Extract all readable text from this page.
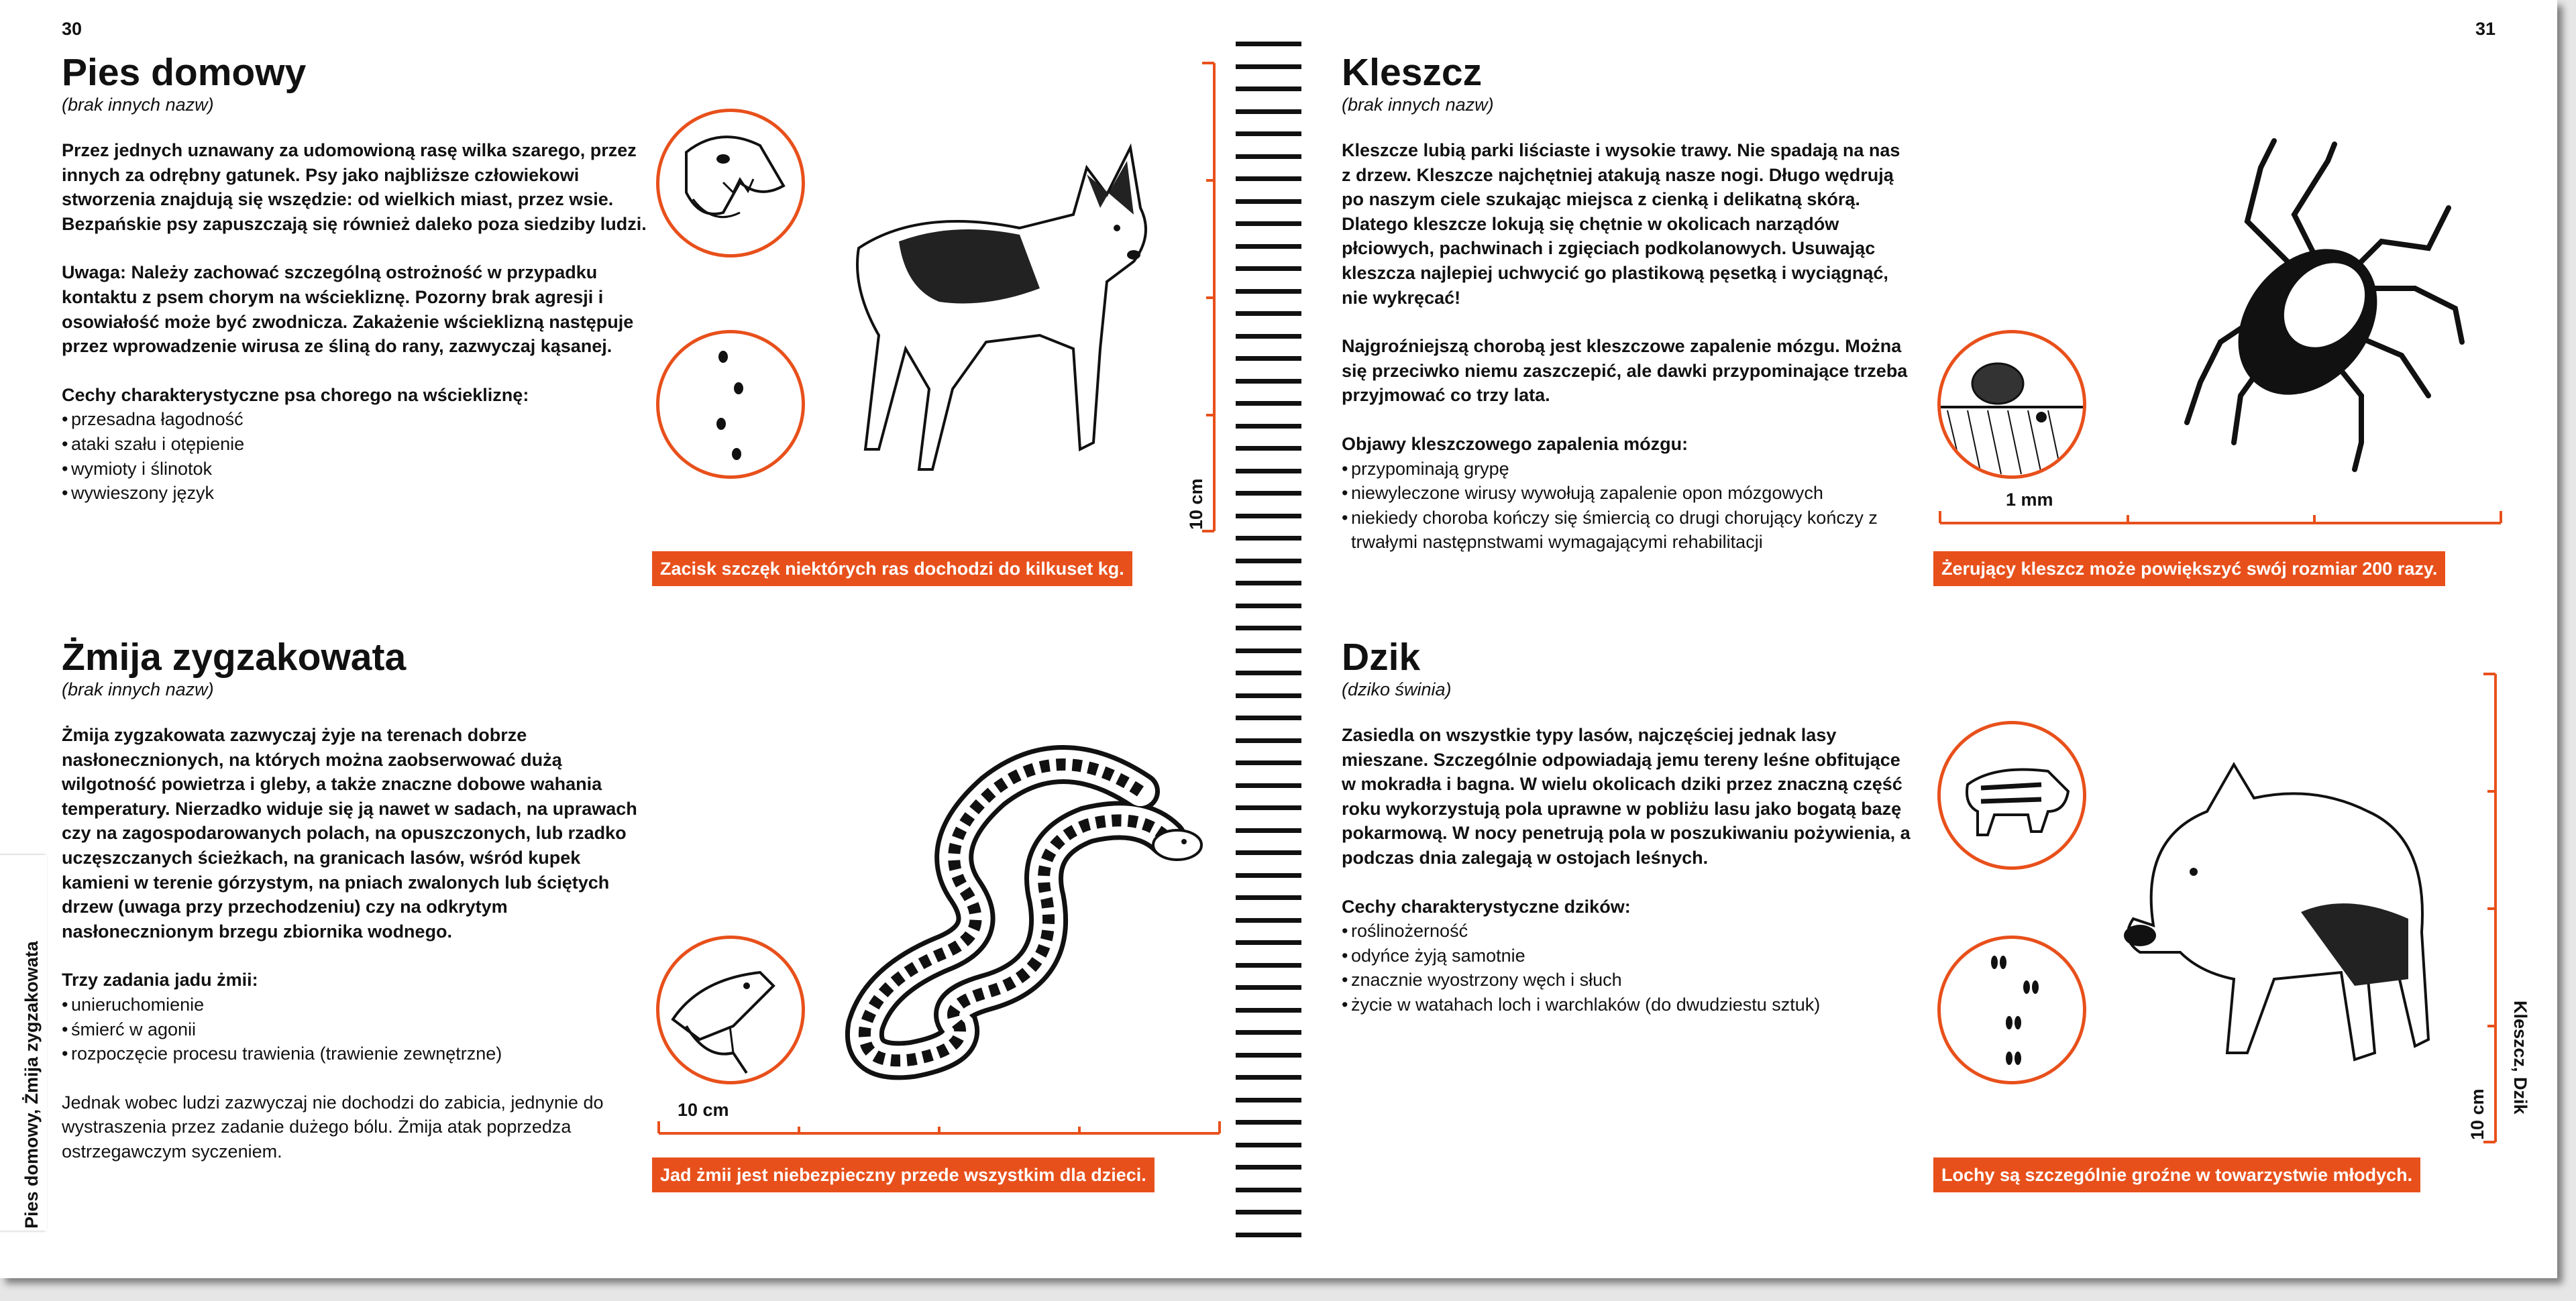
30	31
Pies domowy

(brak innych nazw)

Przez jednych uznawany za udomowioną rasę wilka szarego, przez innych za odrębny gatunek. Psy jako najbliższe człowiekowi stworzenia znajdują się wszędzie: od wielkich miast, przez wsie. Bezpańskie psy zapuszczają się również daleko poza siedziby ludzi.

Uwaga: Należy zachować szczególną ostrożność w przypadku kontaktu z psem chorym na wściekliznę. Pozorny brak agresji i osowiałość może być zwodnicza. Zakażenie wścieklizną następuje przez wprowadzenie wirusa ze śliną do rany, zazwyczaj kąsanej.

Cechy charakterystyczne psa chorego na wściekliznę:

• przesadna łagodność
• ataki szału i otępienie
• wymioty i ślinotok
• wywieszony język	10 cm
Zacisk szczęk niektórych ras dochodzi do kilkuset kg.
Żmija zygzakowata

(brak innych nazw)

Żmija zygzakowata zazwyczaj żyje na terenach dobrze nasłonecznionych, na których można zaobserwować dużą wilgotność powietrza i gleby, a także znaczne dobowe wahania temperatury. Nierzadko widuje się ją nawet w sadach, na uprawach czy na zagospodarowanych polach, na opuszczonych, lub rzadko uczęszczanych ścieżkach, na granicach lasów, wśród kupek kamieni w terenie górzystym, na pniach zwalonych lub ściętych drzew (uwaga przy przechodzeniu) czy na odkrytym nasłonecznionym brzegu zbiornika wodnego.

Trzy zadania jadu żmii:

• unieruchomienie
• śmierć w agonii
• rozpoczęcie procesu trawienia (trawienie zewnętrzne)

Jednak wobec ludzi zazwyczaj nie dochodzi do zabicia, jednynie do wystraszenia przez zadanie dużego bólu. Żmija atak poprzedza ostrzegawczym syczeniem.

10 cm
Jad żmii jest niebezpieczny przede wszystkim dla dzieci.
Pies domowy, Żmija zygzakowata
Kleszcz

(brak innych nazw)

Kleszcze lubią parki liściaste i wysokie trawy. Nie spadają na nas z drzew. Kleszcze najchętniej atakują nasze nogi. Długo wędrują po naszym ciele szukając miejsca z cienką i delikatną skórą. Dlatego kleszcze lokują się chętnie w okolicach narządów płciowych, pachwinach i zgięciach podkolanowych. Usuwając kleszcza najlepiej uchwycić go plastikową pęsetką i wyciągnąć, nie wykręcać!

Najgroźniejszą chorobą jest kleszczowe zapalenie mózgu. Można się przeciwko niemu zaszczepić, ale dawki przypominające trzeba przyjmować co trzy lata.

Objawy kleszczowego zapalenia mózgu:

• przypominają grypę
• niewyleczone wirusy wywołują zapalenie opon mózgowych
• niekiedy choroba kończy się śmiercią co drugi chorujący kończy z trwałymi następnstwami wymagającymi rehabilitacji
1 mm
Żerujący kleszcz może powiększyć swój rozmiar 200 razy.
Dzik

(dziko świnia)

Zasiedla on wszystkie typy lasów, najczęściej jednak lasy mieszane. Szczególnie odpowiadają jemu tereny leśne obfitujące w mokradła i bagna. W wielu okolicach dziki przez znaczną część roku wykorzystują pola uprawne w pobliżu lasu jako bogatą bazę pokarmową. W nocy penetrują pola w poszukiwaniu pożywienia, a podczas dnia zalegają w ostojach leśnych.

Cechy charakterystyczne dzików:

• roślinożerność
• odyńce żyją samotnie
• znacznie wyostrzony węch i słuch
• życie w watahach loch i warchlaków (do dwudziestu sztuk)
10 cm
Lochy są szczególnie groźne w towarzystwie młodych.
Kleszcz, Dzik
